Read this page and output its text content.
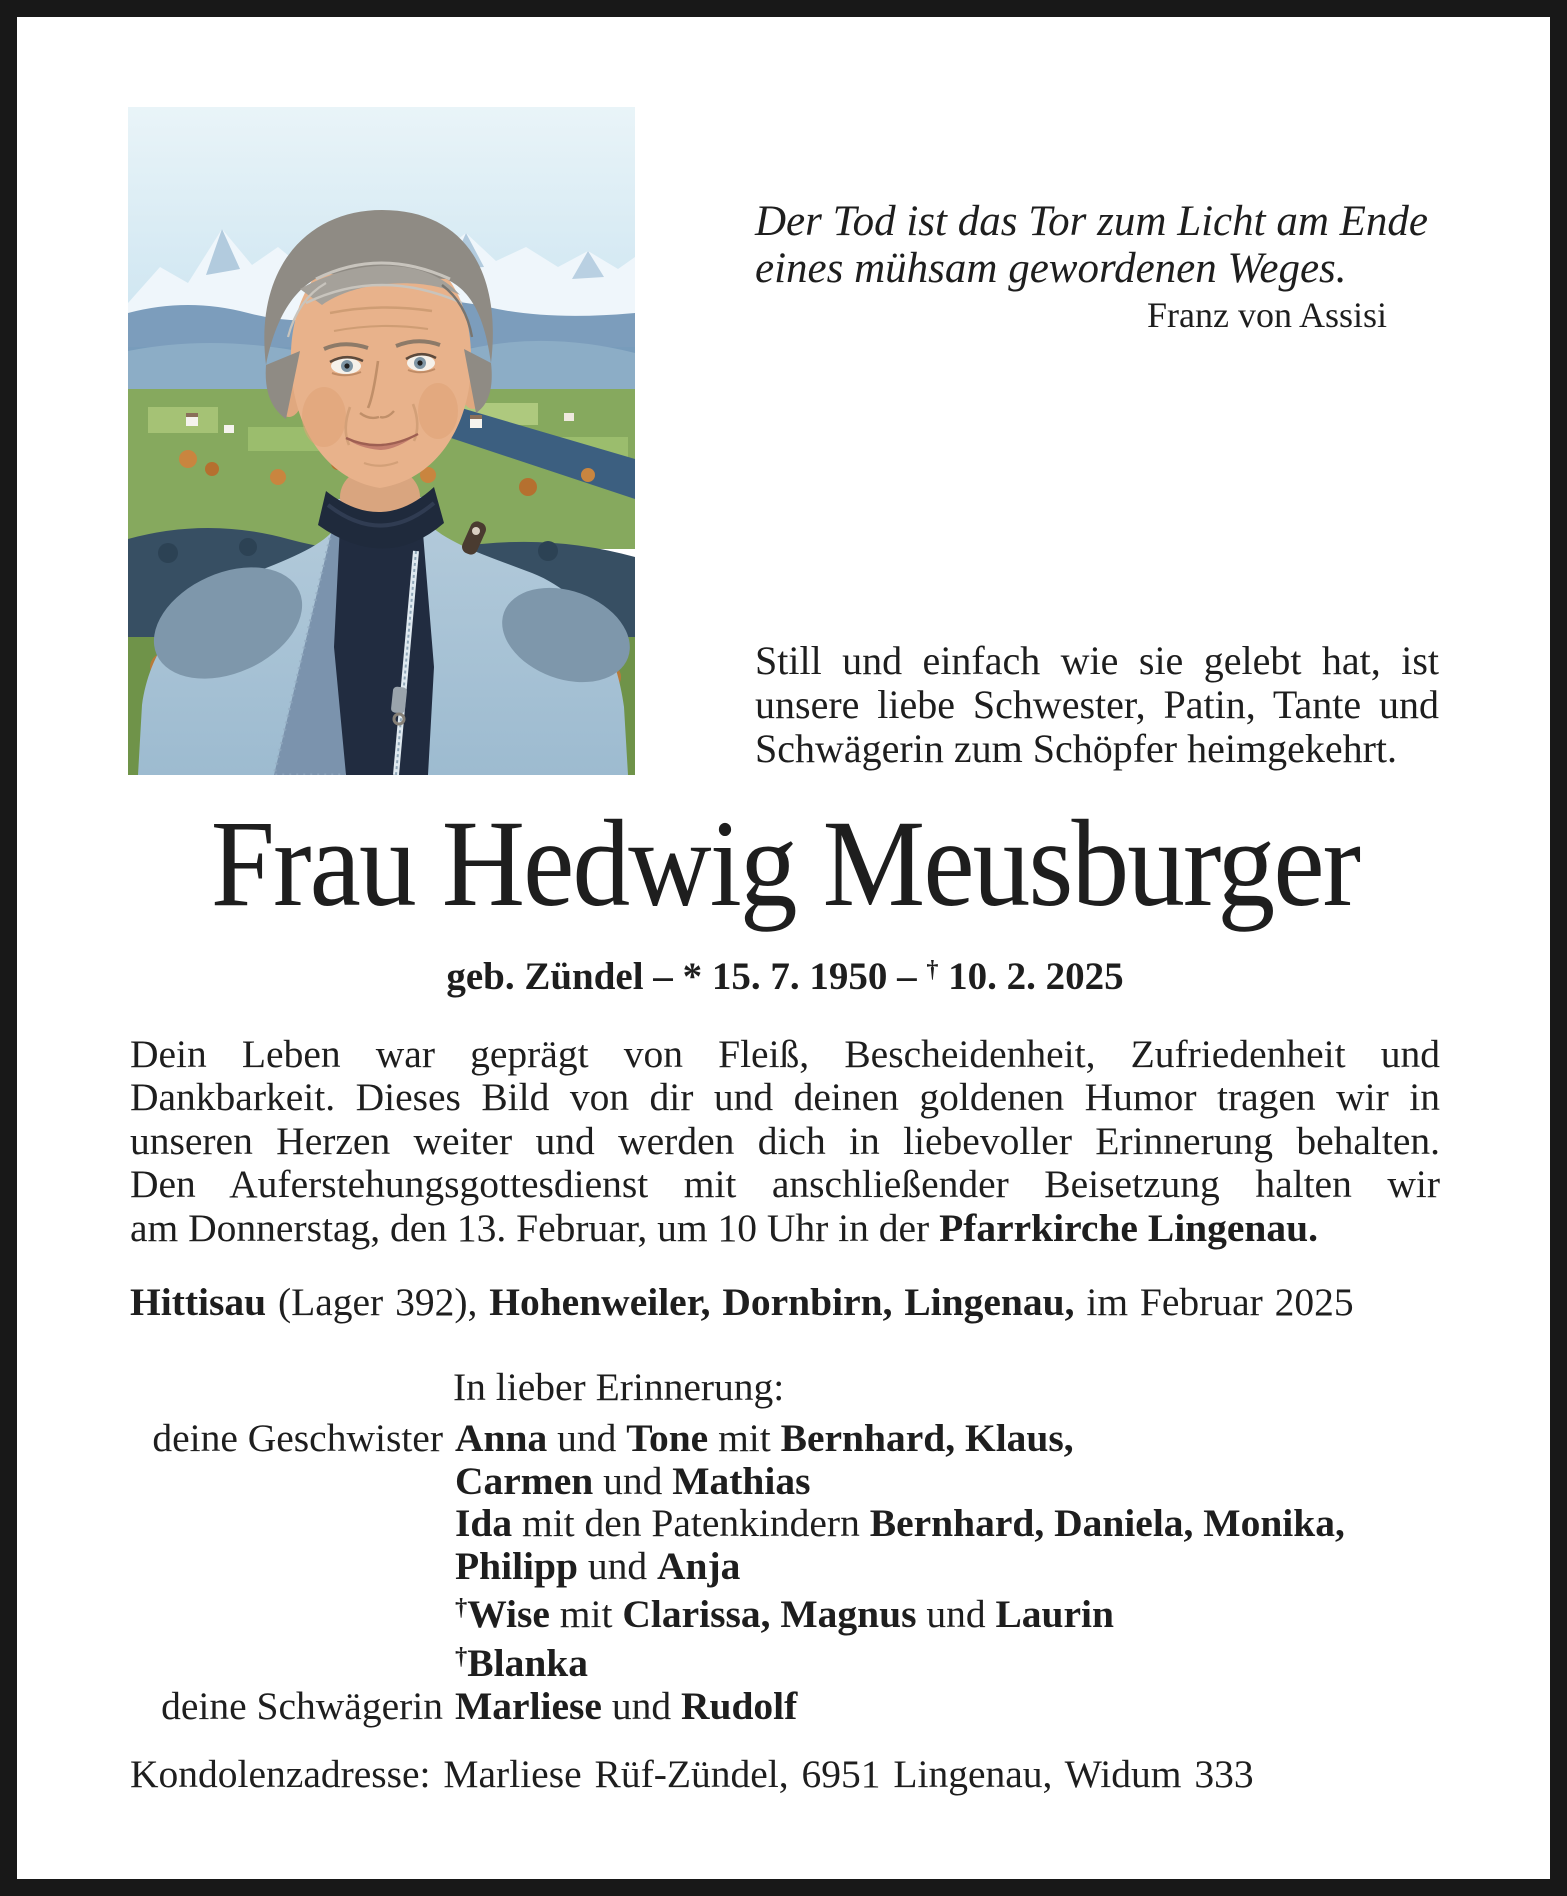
Der Tod ist das Tor zum Licht am Ende
eines mühsam gewordenen Weges.
Franz von Assisi
Still und einfach wie sie gelebt hat, ist
unsere liebe Schwester, Patin, Tante und
Schwägerin zum Schöpfer heimgekehrt.
Frau Hedwig Meusburger
geb. Zündel – * 15. 7. 1950 – † 10. 2. 2025
Dein Leben war geprägt von Fleiß, Bescheidenheit, Zufriedenheit und
Dankbarkeit. Dieses Bild von dir und deinen goldenen Humor tragen wir in
unseren Herzen weiter und werden dich in liebevoller Erinnerung behalten.
Den Auferstehungsgottesdienst mit anschließender Beisetzung halten wir
am Donnerstag, den 13. Februar, um 10 Uhr in der Pfarrkirche Lingenau.
Hittisau (Lager 392), Hohenweiler, Dornbirn, Lingenau, im Februar 2025
In lieber Erinnerung:
deine Geschwister Anna und Tone mit Bernhard, Klaus,
Carmen und Mathias
Ida mit den Patenkindern Bernhard, Daniela, Monika,
Philipp und Anja
†Wise mit Clarissa, Magnus und Laurin
†Blanka
deine Schwägerin Marliese und Rudolf
Kondolenzadresse: Marliese Rüf-Zündel, 6951 Lingenau, Widum 333
